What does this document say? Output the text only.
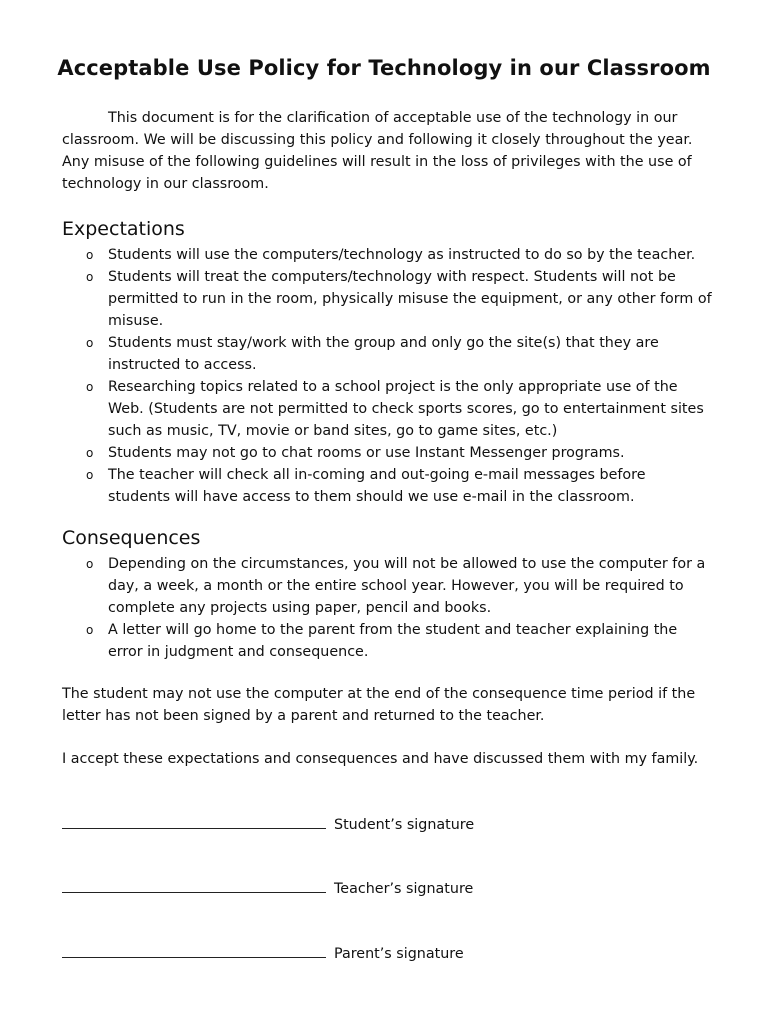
Acceptable Use Policy for Technology in our Classroom
This document is for the clarification of acceptable use of the technology in our classroom. We will be discussing this policy and following it closely throughout the year. Any misuse of the following guidelines will result in the loss of privileges with the use of technology in our classroom.
Expectations
o Students will use the computers/technology as instructed to do so by the teacher.
o Students will treat the computers/technology with respect. Students will not be permitted to run in the room, physically misuse the equipment, or any other form of misuse.
o Students must stay/work with the group and only go the site(s) that they are instructed to access.
o Researching topics related to a school project is the only appropriate use of the Web. (Students are not permitted to check sports scores, go to entertainment sites such as music, TV, movie or band sites, go to game sites, etc.)
o Students may not go to chat rooms or use Instant Messenger programs.
o The teacher will check all in-coming and out-going e-mail messages before students will have access to them should we use e-mail in the classroom.
Consequences
o Depending on the circumstances, you will not be allowed to use the computer for a day, a week, a month or the entire school year. However, you will be required to complete any projects using paper, pencil and books.
o A letter will go home to the parent from the student and teacher explaining the error in judgment and consequence.
The student may not use the computer at the end of the consequence time period if the letter has not been signed by a parent and returned to the teacher.
I accept these expectations and consequences and have discussed them with my family.
Student’s signature
Teacher’s signature
Parent’s signature
